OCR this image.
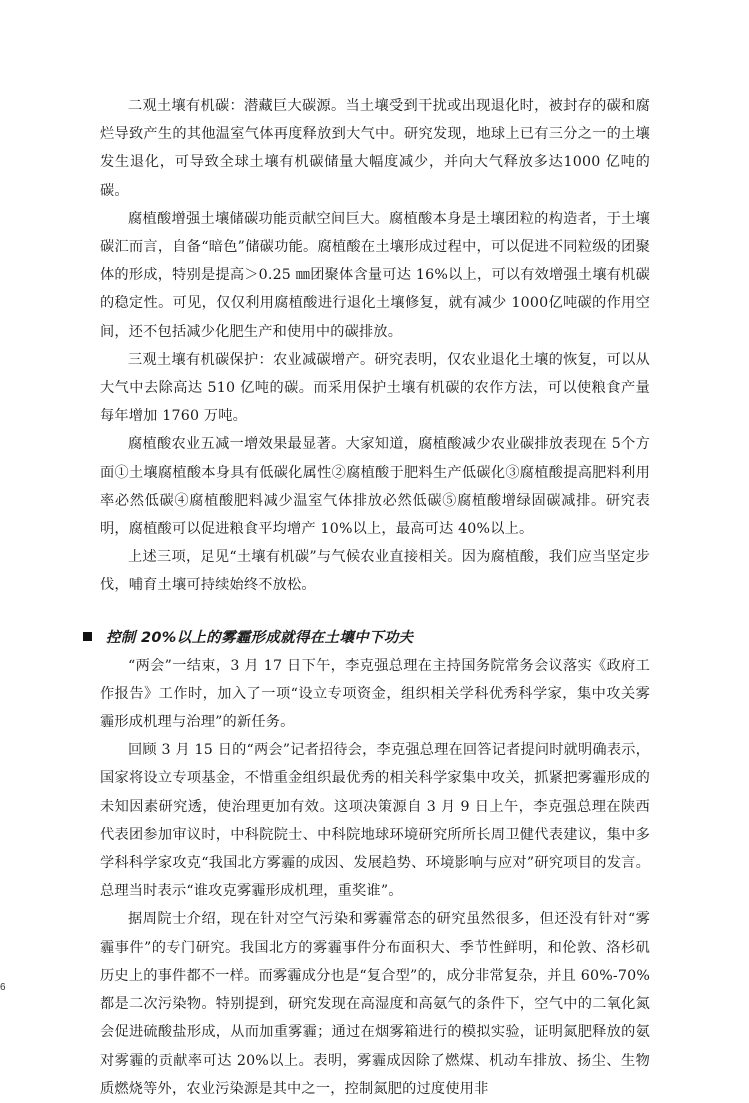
二观土壤有机碳：潜藏巨大碳源。当土壤受到干扰或出现退化时，被封存的碳和腐烂导致产生的其他温室气体再度释放到大气中。研究发现，地球上已有三分之一的土壤发生退化，可导致全球土壤有机碳储量大幅度减少，并向大气释放多达1000 亿吨的碳。

腐植酸增强土壤储碳功能贡献空间巨大。腐植酸本身是土壤团粒的构造者，于土壤碳汇而言，自备“暗色”储碳功能。腐植酸在土壤形成过程中，可以促进不同粒级的团聚体的形成，特别是提高＞0.25 ㎜团聚体含量可达 16%以上，可以有效增强土壤有机碳的稳定性。可见，仅仅利用腐植酸进行退化土壤修复，就有减少 1000亿吨碳的作用空间，还不包括减少化肥生产和使用中的碳排放。

三观土壤有机碳保护：农业减碳增产。研究表明，仅农业退化土壤的恢复，可以从大气中去除高达 510 亿吨的碳。而采用保护土壤有机碳的农作方法，可以使粮食产量每年增加 1760 万吨。

腐植酸农业五减一增效果最显著。大家知道，腐植酸减少农业碳排放表现在 5个方面①土壤腐植酸本身具有低碳化属性②腐植酸于肥料生产低碳化③腐植酸提高肥料利用率必然低碳④腐植酸肥料减少温室气体排放必然低碳⑤腐植酸增绿固碳减排。研究表明，腐植酸可以促进粮食平均增产 10%以上，最高可达 40%以上。

上述三项，足见“土壤有机碳”与气候农业直接相关。因为腐植酸，我们应当坚定步伐，哺育土壤可持续始终不放松。

控制 20%以上的雾霾形成就得在土壤中下功夫

“两会”一结束，3 月 17 日下午，李克强总理在主持国务院常务会议落实《政府工作报告》工作时，加入了一项“设立专项资金，组织相关学科优秀科学家，集中攻关雾霾形成机理与治理”的新任务。

回顾 3 月 15 日的“两会”记者招待会，李克强总理在回答记者提问时就明确表示，国家将设立专项基金，不惜重金组织最优秀的相关科学家集中攻关，抓紧把雾霾形成的未知因素研究透，使治理更加有效。这项决策源自 3 月 9 日上午，李克强总理在陕西代表团参加审议时，中科院院士、中科院地球环境研究所所长周卫健代表建议，集中多学科科学家攻克“我国北方雾霾的成因、发展趋势、环境影响与应对”研究项目的发言。总理当时表示“谁攻克雾霾形成机理，重奖谁”。

据周院士介绍，现在针对空气污染和雾霾常态的研究虽然很多，但还没有针对“雾霾事件”的专门研究。我国北方的雾霾事件分布面积大、季节性鲜明，和伦敦、洛杉矶历史上的事件都不一样。而雾霾成分也是“复合型”的，成分非常复杂，并且 60%-70%都是二次污染物。特别提到，研究发现在高湿度和高氨气的条件下，空气中的二氧化氮会促进硫酸盐形成，从而加重雾霾；通过在烟雾箱进行的模拟实验，证明氮肥释放的氨对雾霾的贡献率可达 20%以上。表明，雾霾成因除了燃煤、机动车排放、扬尘、生物质燃烧等外，农业污染源是其中之一，控制氮肥的过度使用非

6
